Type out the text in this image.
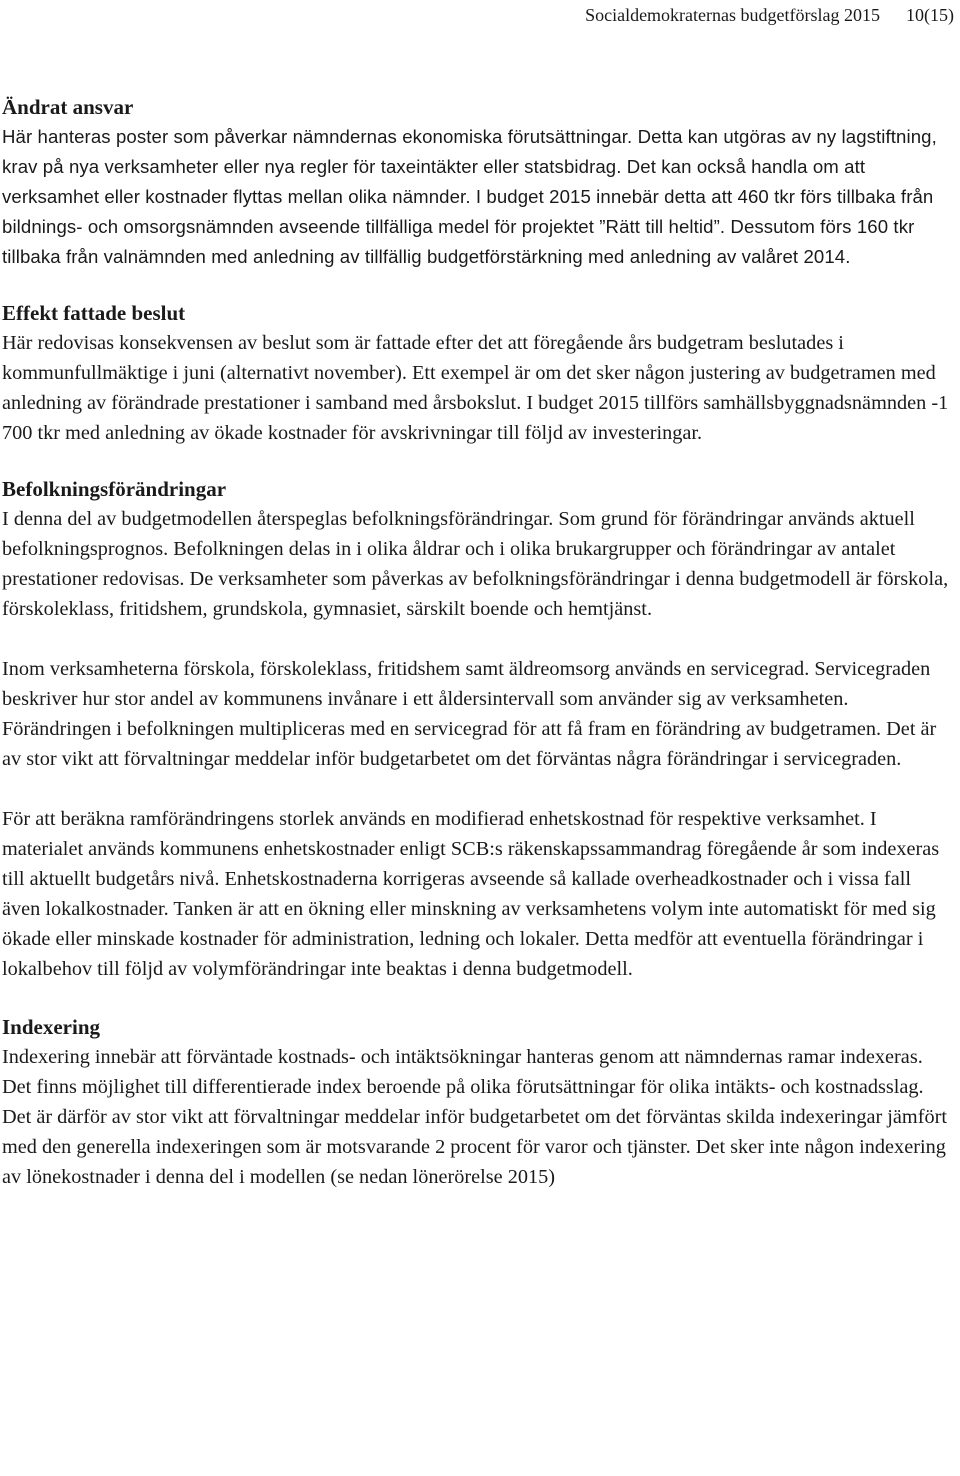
Socialdemokraternas budgetförslag 2015 10(15)
Ändrat ansvar

Här hanteras poster som påverkar nämndernas ekonomiska förutsättningar. Detta kan utgöras av ny lagstiftning, krav på nya verksamheter eller nya regler för taxeintäkter eller statsbidrag. Det kan också handla om att verksamhet eller kostnader flyttas mellan olika nämnder. I budget 2015 innebär detta att 460 tkr förs tillbaka från bildnings- och omsorgsnämnden avseende tillfälliga medel för projektet ”Rätt till heltid”. Dessutom förs 160 tkr tillbaka från valnämnden med anledning av tillfällig budgetförstärkning med anledning av valåret 2014.

Effekt fattade beslut

Här redovisas konsekvensen av beslut som är fattade efter det att föregående års budgetram beslutades i kommunfullmäktige i juni (alternativt november). Ett exempel är om det sker någon justering av budgetramen med anledning av förändrade prestationer i samband med årsbokslut. I budget 2015 tillförs samhällsbyggnadsnämnden -1 700 tkr med anledning av ökade kostnader för avskrivningar till följd av investeringar.

Befolkningsförändringar

I denna del av budgetmodellen återspeglas befolkningsförändringar. Som grund för förändringar används aktuell befolkningsprognos. Befolkningen delas in i olika åldrar och i olika brukargrupper och förändringar av antalet prestationer redovisas. De verksamheter som påverkas av befolkningsförändringar i denna budgetmodell är förskola, förskoleklass, fritidshem, grundskola, gymnasiet, särskilt boende och hemtjänst.

Inom verksamheterna förskola, förskoleklass, fritidshem samt äldreomsorg används en servicegrad. Servicegraden beskriver hur stor andel av kommunens invånare i ett åldersintervall som använder sig av verksamheten. Förändringen i befolkningen multipliceras med en servicegrad för att få fram en förändring av budgetramen. Det är av stor vikt att förvaltningar meddelar inför budgetarbetet om det förväntas några förändringar i servicegraden.

För att beräkna ramförändringens storlek används en modifierad enhetskostnad för respektive verksamhet. I materialet används kommunens enhetskostnader enligt SCB:s räkenskapssammandrag föregående år som indexeras till aktuellt budgetårs nivå. Enhetskostnaderna korrigeras avseende så kallade overheadkostnader och i vissa fall även lokalkostnader. Tanken är att en ökning eller minskning av verksamhetens volym inte automatiskt för med sig ökade eller minskade kostnader för administration, ledning och lokaler. Detta medför att eventuella förändringar i lokalbehov till följd av volymförändringar inte beaktas i denna budgetmodell.

Indexering

Indexering innebär att förväntade kostnads- och intäktsökningar hanteras genom att nämndernas ramar indexeras. Det finns möjlighet till differentierade index beroende på olika förutsättningar för olika intäkts- och kostnadsslag. Det är därför av stor vikt att förvaltningar meddelar inför budgetarbetet om det förväntas skilda indexeringar jämfört med den generella indexeringen som är motsvarande 2 procent för varor och tjänster. Det sker inte någon indexering av lönekostnader i denna del i modellen (se nedan lönerörelse 2015)
